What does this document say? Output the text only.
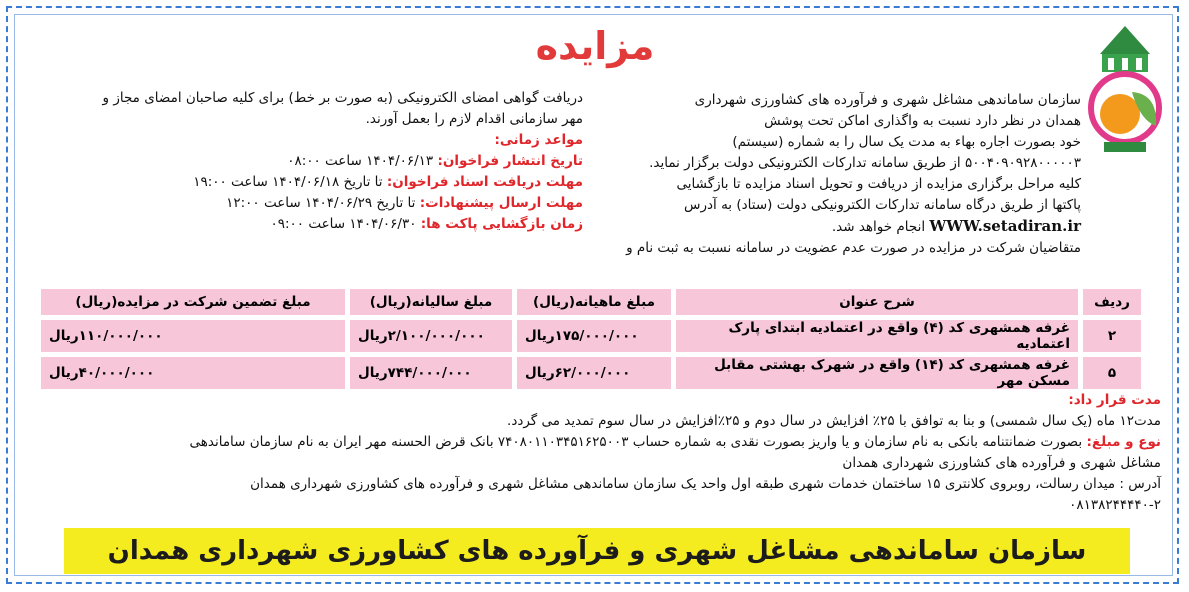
مزایده
سازمان ساماندهی مشاغل شهری و فرآورده های کشاورزی شهرداری
همدان در نظر دارد نسبت به واگذاری اماکن تحت پوشش
خود بصورت اجاره بهاء به مدت یک سال را به شماره (سیستم)
۵۰۰۴۰۹۰۹۲۸۰۰۰۰۰۳ از طریق سامانه تدارکات الکترونیکی دولت برگزار نماید.
کلیه مراحل برگزاری مزایده از دریافت و تحویل اسناد مزایده تا بازگشایی
پاکتها از طریق درگاه سامانه تدارکات الکترونیکی دولت (ستاد) به آدرس
WWW.setadiran.ir انجام خواهد شد.
متقاضیان شرکت در مزایده در صورت عدم عضویت در سامانه نسبت به ثبت نام و
دریافت گواهی امضای الکترونیکی (به صورت بر خط) برای کلیه صاحبان امضای مجاز و
مهر سازمانی اقدام لازم را بعمل آورند.
مواعد زمانی:
تاریخ انتشار فراخوان: ۱۴۰۴/۰۶/۱۳ ساعت ۰۸:۰۰
مهلت دریافت اسناد فراخوان: تا تاریخ ۱۴۰۴/۰۶/۱۸ ساعت ۱۹:۰۰
مهلت ارسال پیشنهادات: تا تاریخ ۱۴۰۴/۰۶/۲۹ ساعت ۱۲:۰۰
زمان بازگشایی پاکت ها: ۱۴۰۴/۰۶/۳۰ ساعت ۰۹:۰۰
ردیف	شرح عنوان	مبلغ ماهیانه(ریال)	مبلغ سالیانه(ریال)	مبلغ تضمین شرکت در مزایده(ریال)
۲	غرفه همشهری کد (۴) واقع در اعتمادیه ابتدای پارک اعتمادیه	۱۷۵/۰۰۰/۰۰۰ریال	۲/۱۰۰/۰۰۰/۰۰۰ریال	۱۱۰/۰۰۰/۰۰۰ریال
۵	غرفه همشهری کد (۱۴) واقع در شهرک بهشتی مقابل مسکن مهر	۶۲/۰۰۰/۰۰۰ریال	۷۴۴/۰۰۰/۰۰۰ریال	۴۰/۰۰۰/۰۰۰ریال
مدت قرار داد:
مدت۱۲ ماه (یک سال شمسی) و بنا به توافق با ۲۵٪ افزایش در سال دوم و ۲۵٪افزایش در سال سوم تمدید می گردد.
نوع و مبلغ: بصورت ضمانتنامه بانکی به نام سازمان و یا واریز بصورت نقدی به شماره حساب ۷۴۰۸۰۱۱۰۳۴۵۱۶۲۵۰۰۳ بانک قرض الحسنه مهر ایران به نام سازمان ساماندهی
مشاغل شهری و فرآورده های کشاورزی شهرداری همدان
آدرس : میدان رسالت، روبروی کلانتری ۱۵ ساختمان خدمات شهری طبقه اول واحد یک سازمان ساماندهی مشاغل شهری و فرآورده های کشاورزی شهرداری همدان
۰۸۱۳۸۲۴۴۴۴۰-۲
سازمان ساماندهی مشاغل شهری و فرآورده های کشاورزی شهرداری همدان
